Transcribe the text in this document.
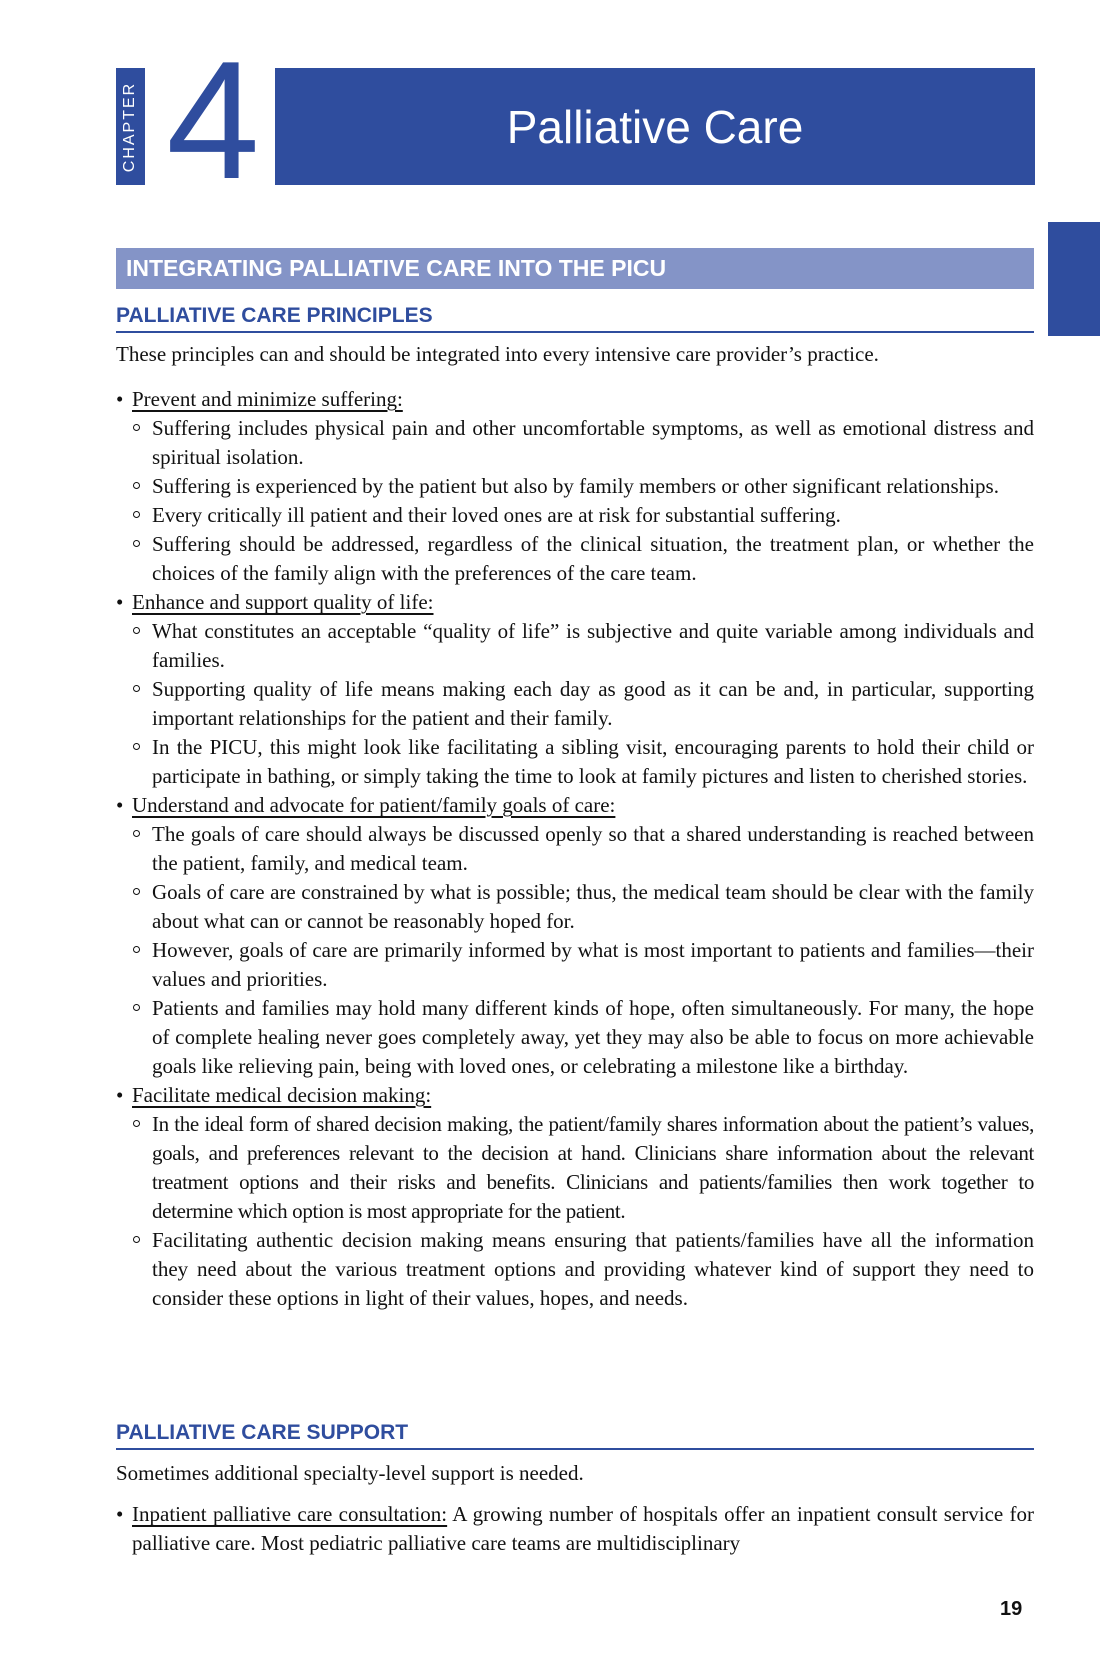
CHAPTER 4	Palliative Care
INTEGRATING PALLIATIVE CARE INTO THE PICU
PALLIATIVE CARE PRINCIPLES
These principles can and should be integrated into every intensive care provider’s practice.
• Prevent and minimize suffering:
Suffering includes physical pain and other uncomfortable symptoms, as well as emotional distress and spiritual isolation.
Suffering is experienced by the patient but also by family members or other significant relationships.
Every critically ill patient and their loved ones are at risk for substantial suffering.
Suffering should be addressed, regardless of the clinical situation, the treatment plan, or whether the choices of the family align with the preferences of the care team.
• Enhance and support quality of life:
What constitutes an acceptable “quality of life” is subjective and quite variable among individuals and families.
Supporting quality of life means making each day as good as it can be and, in particular, supporting important relationships for the patient and their family.
In the PICU, this might look like facilitating a sibling visit, encouraging parents to hold their child or participate in bathing, or simply taking the time to look at family pictures and listen to cherished stories.
• Understand and advocate for patient/family goals of care:
The goals of care should always be discussed openly so that a shared understanding is reached between the patient, family, and medical team.
Goals of care are constrained by what is possible; thus, the medical team should be clear with the family about what can or cannot be reasonably hoped for.
However, goals of care are primarily informed by what is most important to patients and families—their values and priorities.
Patients and families may hold many different kinds of hope, often simultaneously. For many, the hope of complete healing never goes completely away, yet they may also be able to focus on more achievable goals like relieving pain, being with loved ones, or celebrating a milestone like a birthday.
• Facilitate medical decision making:
In the ideal form of shared decision making, the patient/family shares information about the patient’s values, goals, and preferences relevant to the decision at hand. Clinicians share information about the relevant treatment options and their risks and benefits. Clinicians and patients/families then work together to determine which option is most appropriate for the patient.
Facilitating authentic decision making means ensuring that patients/families have all the information they need about the various treatment options and providing whatever kind of support they need to consider these options in light of their values, hopes, and needs.
PALLIATIVE CARE SUPPORT
Sometimes additional specialty-level support is needed.
• Inpatient palliative care consultation: A growing number of hospitals offer an inpatient consult service for palliative care. Most pediatric palliative care teams are multidisciplinary
19
